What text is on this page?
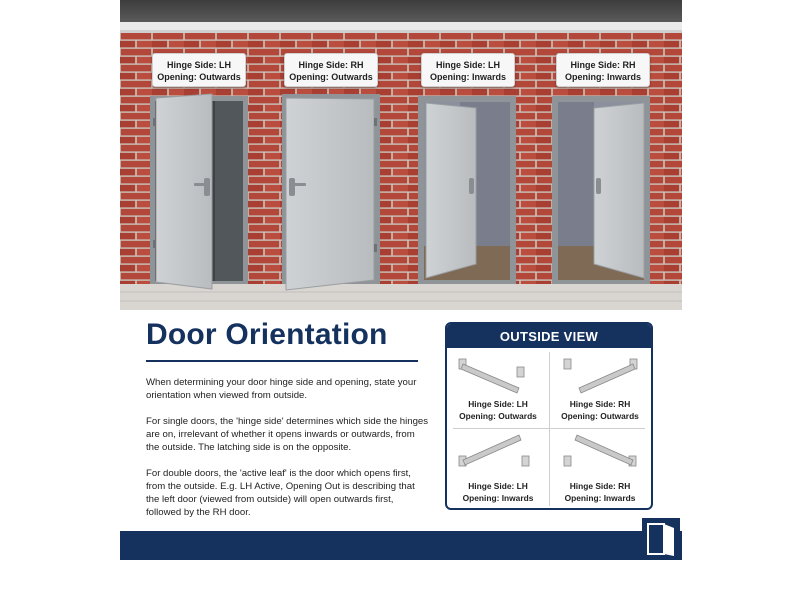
Hinge Side: LH
Opening: Outwards
Hinge Side: RH
Opening: Outwards
Hinge Side: LH
Opening: Inwards
Hinge Side: RH
Opening: Inwards
Door Orientation

When determining your door hinge side and opening, state your orientation when viewed from outside.

For single doors, the 'hinge side' determines which side the hinges are on, irrelevant of whether it opens inwards or outwards, from the outside. The latching side is on the opposite.

For double doors, the 'active leaf' is the door which opens first, from the outside. E.g. LH Active, Opening Out is describing that the left door (viewed from outside) will open outwards first, followed by the RH door.

OUTSIDE VIEW
Hinge Side: LH
Opening: Outwards
Hinge Side: RH
Opening: Outwards
Hinge Side: LH
Opening: Inwards
Hinge Side: RH
Opening: Inwards
